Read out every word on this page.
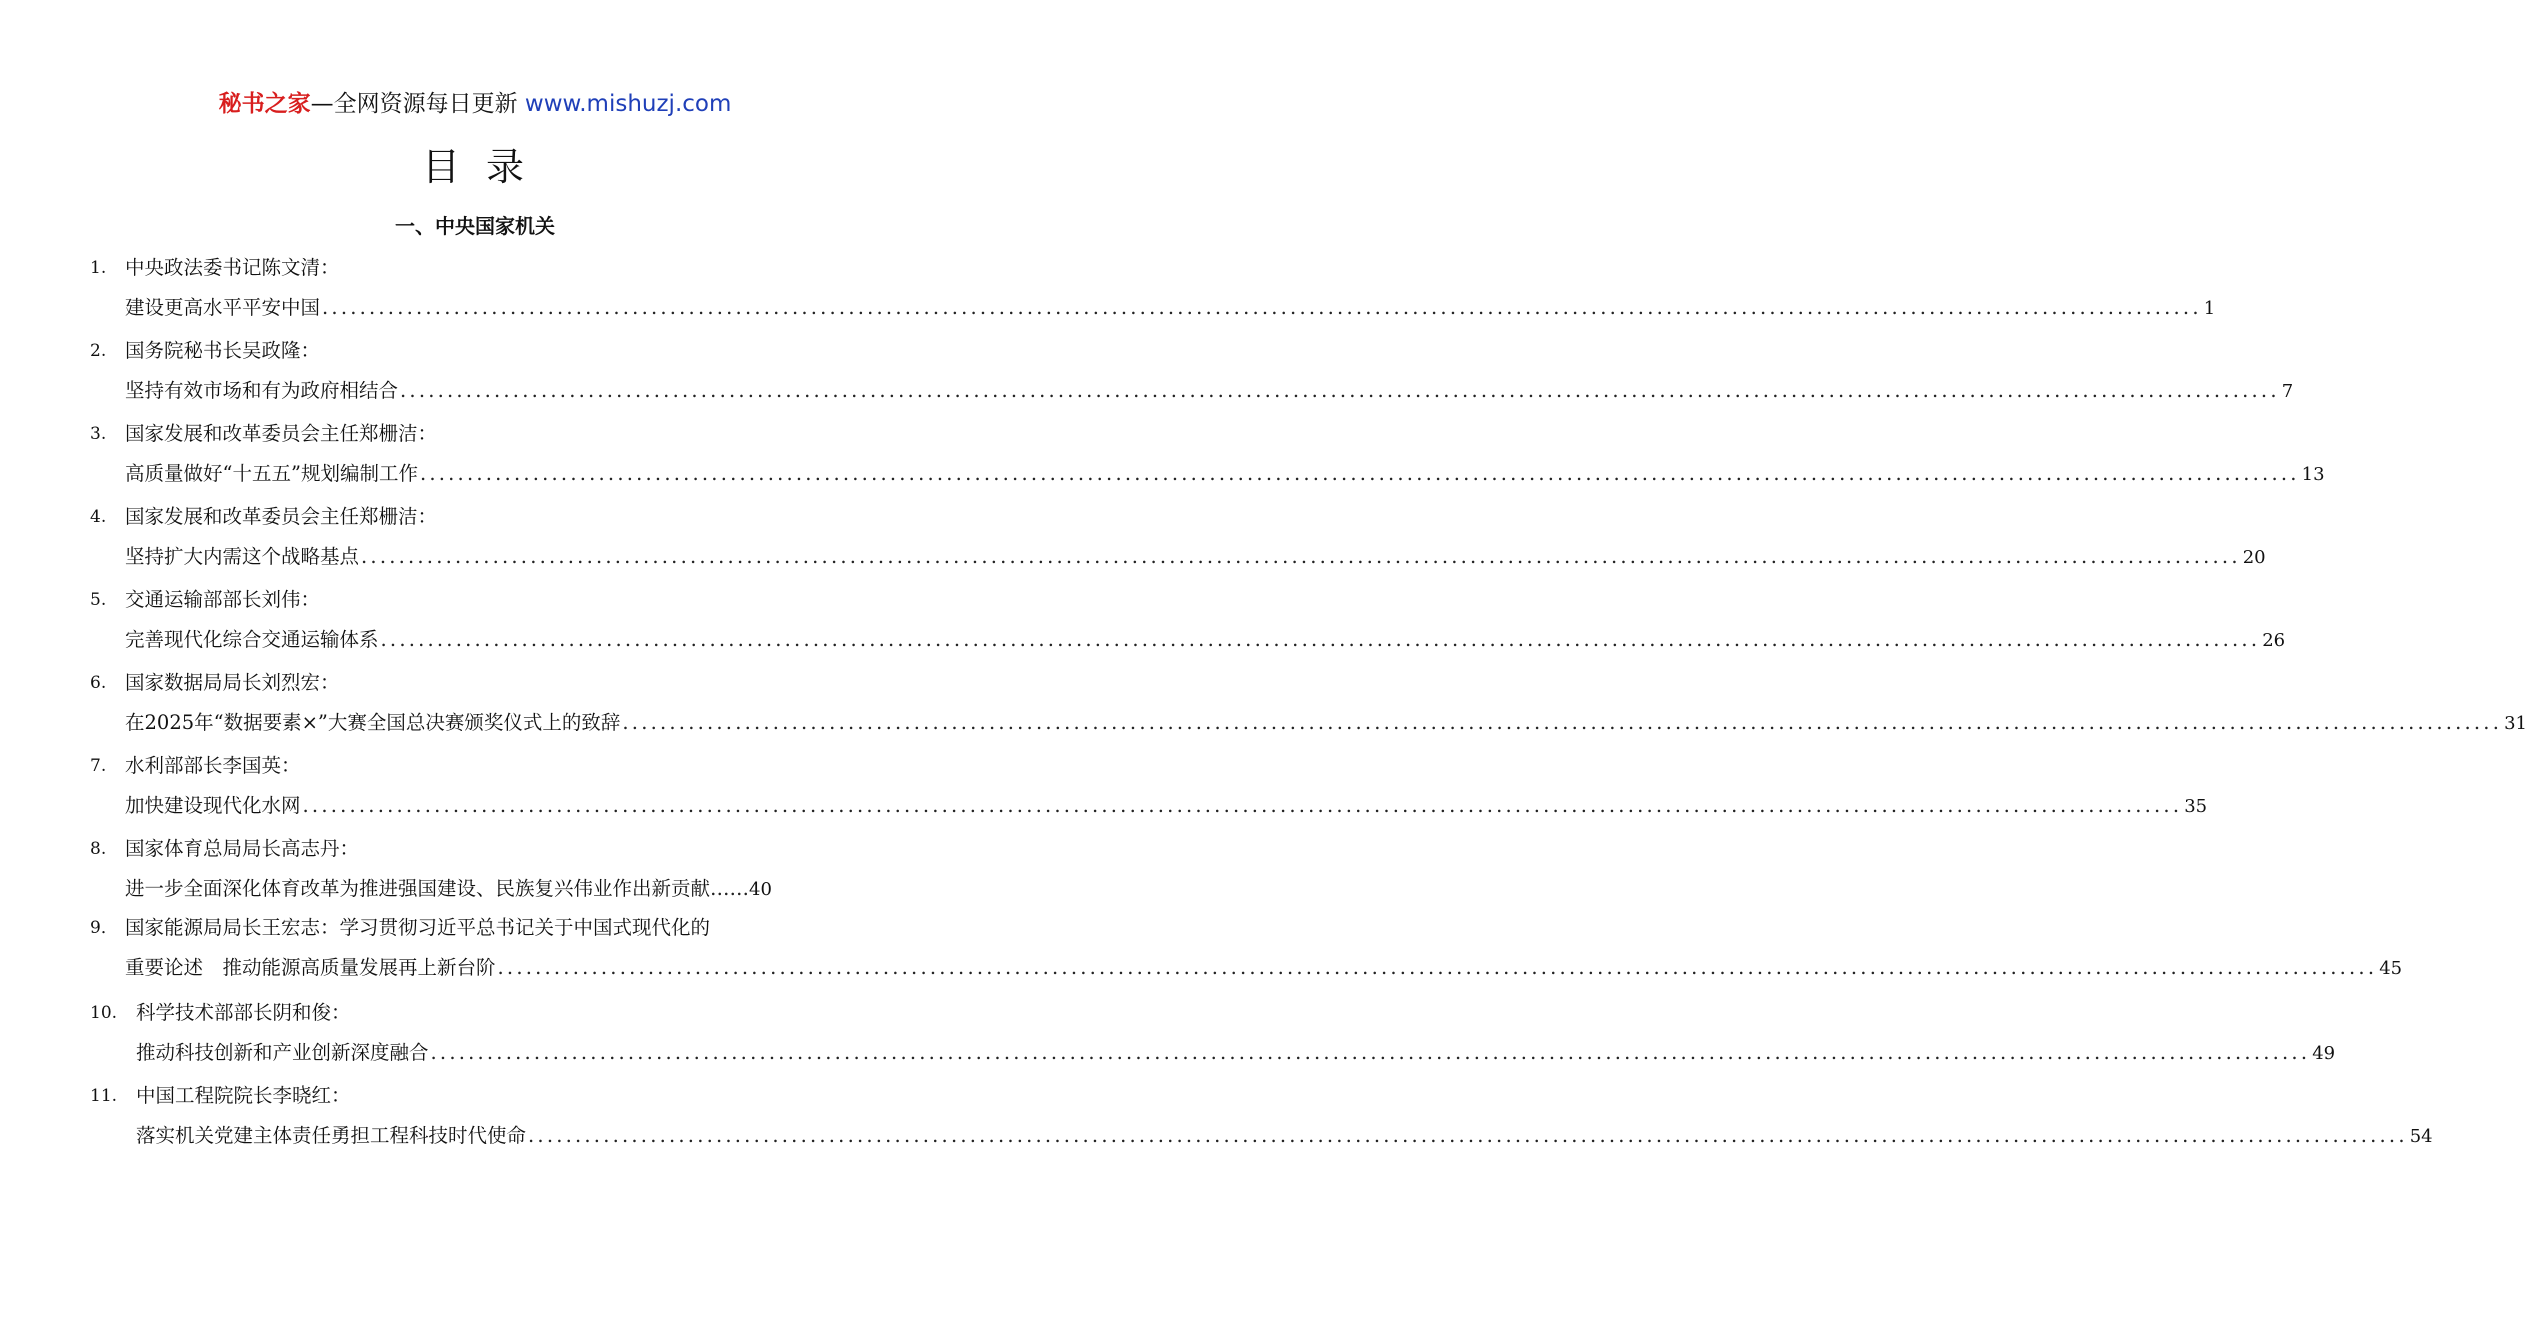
秘书之家—全网资源每日更新 www.mishuzj.com
目录
一、中央国家机关
1. 中央政法委书记陈文清：
建设更高水平平安中国 ........................................................................................................................................................................................................ 1
2. 国务院秘书长吴政隆：
坚持有效市场和有为政府相结合 ........................................................................................................................................................................................................ 7
3. 国家发展和改革委员会主任郑栅洁：
高质量做好“十五五”规划编制工作 ........................................................................................................................................................................................................ 13
4. 国家发展和改革委员会主任郑栅洁：
坚持扩大内需这个战略基点 ........................................................................................................................................................................................................ 20
5. 交通运输部部长刘伟：
完善现代化综合交通运输体系 ........................................................................................................................................................................................................ 26
6. 国家数据局局长刘烈宏：
在2025年“数据要素×”大赛全国总决赛颁奖仪式上的致辞 ........................................................................................................................................................................................................ 31
7. 水利部部长李国英：
加快建设现代化水网 ........................................................................................................................................................................................................ 35
8. 国家体育总局局长高志丹：
进一步全面深化体育改革为推进强国建设、民族复兴伟业作出新贡献 …… 40
9． 国家能源局局长王宏志：学习贯彻习近平总书记关于中国式现代化的
重要论述　推动能源高质量发展再上新台阶 ........................................................................................................................................................................................................ 45
10. 科学技术部部长阴和俊：
推动科技创新和产业创新深度融合 ........................................................................................................................................................................................................ 49
11. 中国工程院院长李晓红：
落实机关党建主体责任勇担工程科技时代使命 ........................................................................................................................................................................................................ 54
